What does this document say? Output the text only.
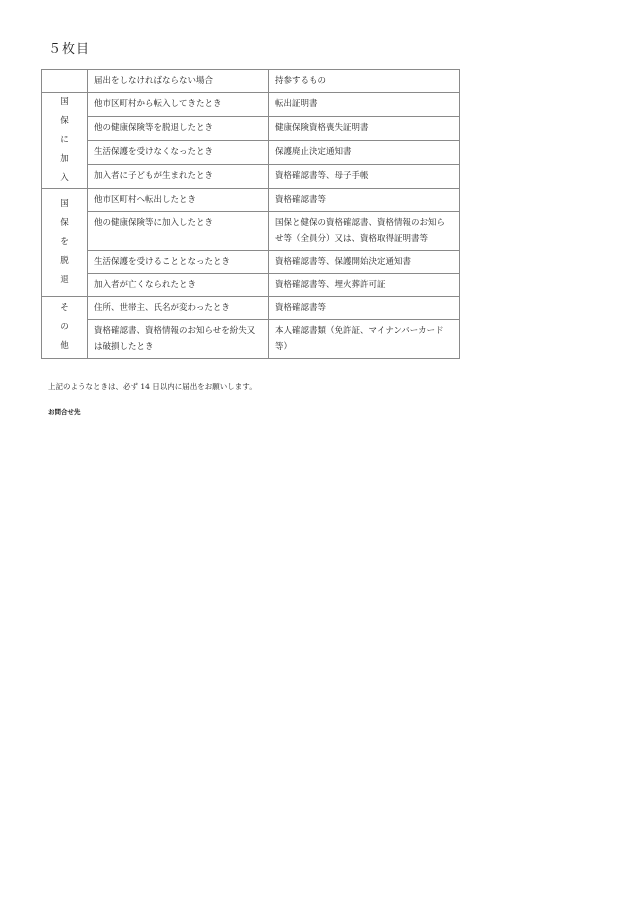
５枚目
	届出をしなければならない場合	持参するもの
国保に加入	他市区町村から転入してきたとき	転出証明書
	他の健康保険等を脱退したとき	健康保険資格喪失証明書
	生活保護を受けなくなったとき	保護廃止決定通知書
	加入者に子どもが生まれたとき	資格確認書等、母子手帳
国保を脱退	他市区町村へ転出したとき	資格確認書等
	他の健康保険等に加入したとき	国保と健保の資格確認書、資格情報のお知らせ等（全員分）又は、資格取得証明書等
	生活保護を受けることとなったとき	資格確認書等、保護開始決定通知書
	加入者が亡くなられたとき	資格確認書等、埋火葬許可証
その他	住所、世帯主、氏名が変わったとき	資格確認書等
	資格確認書、資格情報のお知らせを紛失又は破損したとき	本人確認書類（免許証、マイナンバーカード等）
上記のようなときは、必ず 14 日以内に届出をお願いします。
お問合せ先
